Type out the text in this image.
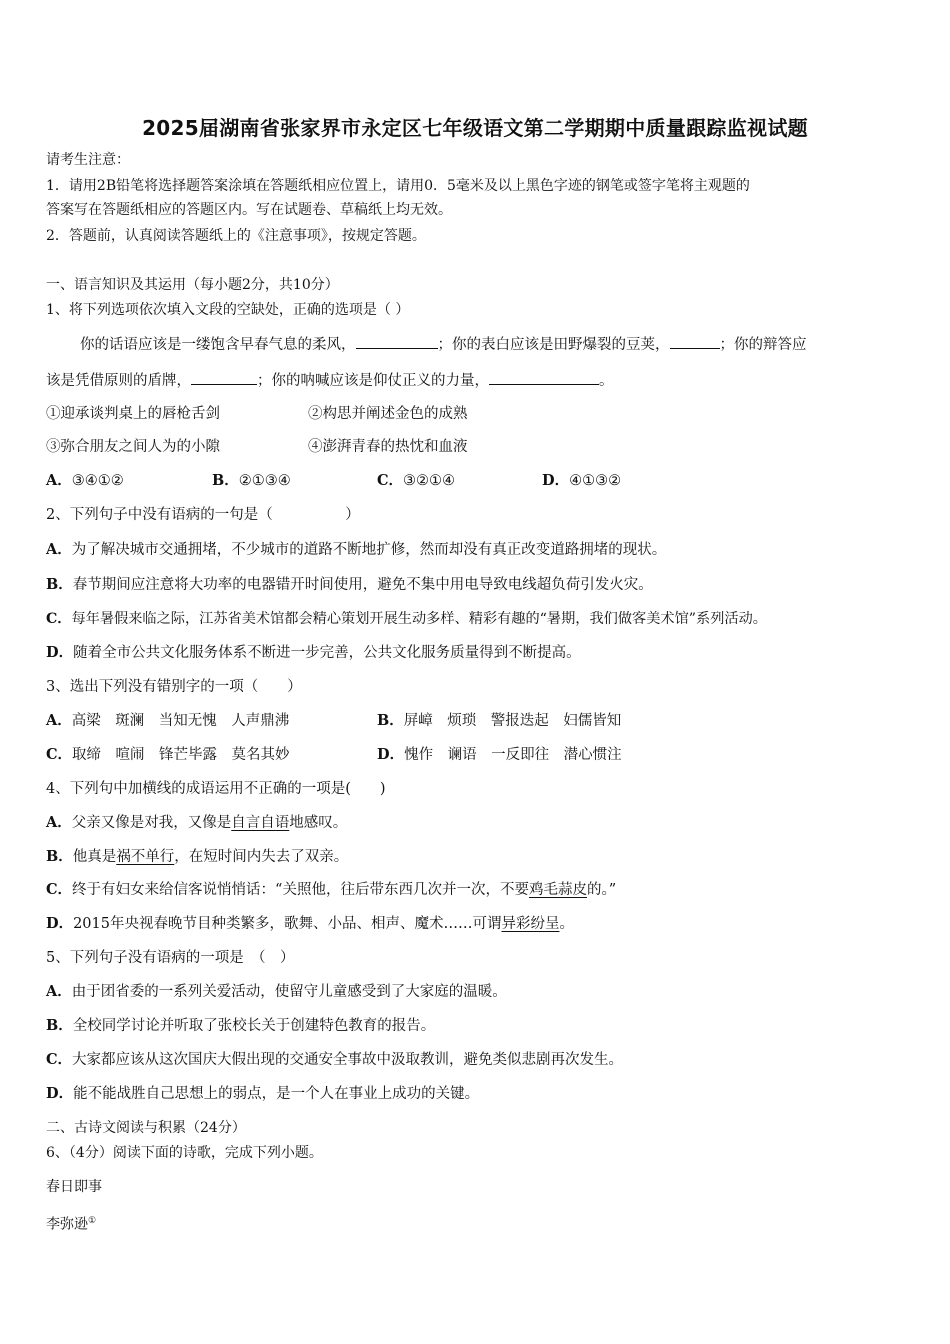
2025届湖南省张家界市永定区七年级语文第二学期期中质量跟踪监视试题
请考生注意：
1．请用2B铅笔将选择题答案涂填在答题纸相应位置上，请用0．5毫米及以上黑色字迹的钢笔或签字笔将主观题的
答案写在答题纸相应的答题区内。写在试题卷、草稿纸上均无效。
2．答题前，认真阅读答题纸上的《注意事项》，按规定答题。
一、语言知识及其运用（每小题2分，共10分）
1、将下列选项依次填入文段的空缺处，正确的选项是（ ）
你的话语应该是一缕饱含早春气息的柔风，	；你的表白应该是田野爆裂的豆荚，	；你的辩答应
该是凭借原则的盾牌，	；你的呐喊应该是仰仗正义的力量，	。
①迎承谈判桌上的唇枪舌剑	②构思并阐述金色的成熟
③弥合朋友之间人为的小隙	④澎湃青春的热忱和血液
A．③④①②	B．②①③④	C．③②①④	D．④①③②
2、下列句子中没有语病的一句是（　　　　　）
A．为了解决城市交通拥堵，不少城市的道路不断地扩修，然而却没有真正改变道路拥堵的现状。
B．春节期间应注意将大功率的电器错开时间使用，避免不集中用电导致电线超负荷引发火灾。
C．每年暑假来临之际，江苏省美术馆都会精心策划开展生动多样、精彩有趣的“暑期，我们做客美术馆”系列活动。
D．随着全市公共文化服务体系不断进一步完善，公共文化服务质量得到不断提高。
3、选出下列没有错别字的一项（　　）
A．高梁　斑澜　当知无愧　人声鼎沸	B．屏嶂　烦琐　警报迭起　妇儒皆知
C．取缔　喧闹　锋芒毕露　莫名其妙	D．愧作　谰语　一反即往　潜心惯注
4、下列句中加横线的成语运用不正确的一项是(　　)
A．父亲又像是对我，又像是自言自语地感叹。
B．他真是祸不单行，在短时间内失去了双亲。
C．终于有妇女来给信客说悄悄话：“关照他，往后带东西几次并一次，不要鸡毛蒜皮的。”
D．2015年央视春晚节目种类繁多，歌舞、小品、相声、魔术……可谓异彩纷呈。
5、下列句子没有语病的一项是　（　）
A．由于团省委的一系列关爱活动，使留守儿童感受到了大家庭的温暖。
B．全校同学讨论并听取了张校长关于创建特色教育的报告。
C．大家都应该从这次国庆大假出现的交通安全事故中汲取教训，避免类似悲剧再次发生。
D．能不能战胜自己思想上的弱点，是一个人在事业上成功的关键。
二、古诗文阅读与积累（24分）
6、（4分）阅读下面的诗歌，完成下列小题。
春日即事
李弥逊①
